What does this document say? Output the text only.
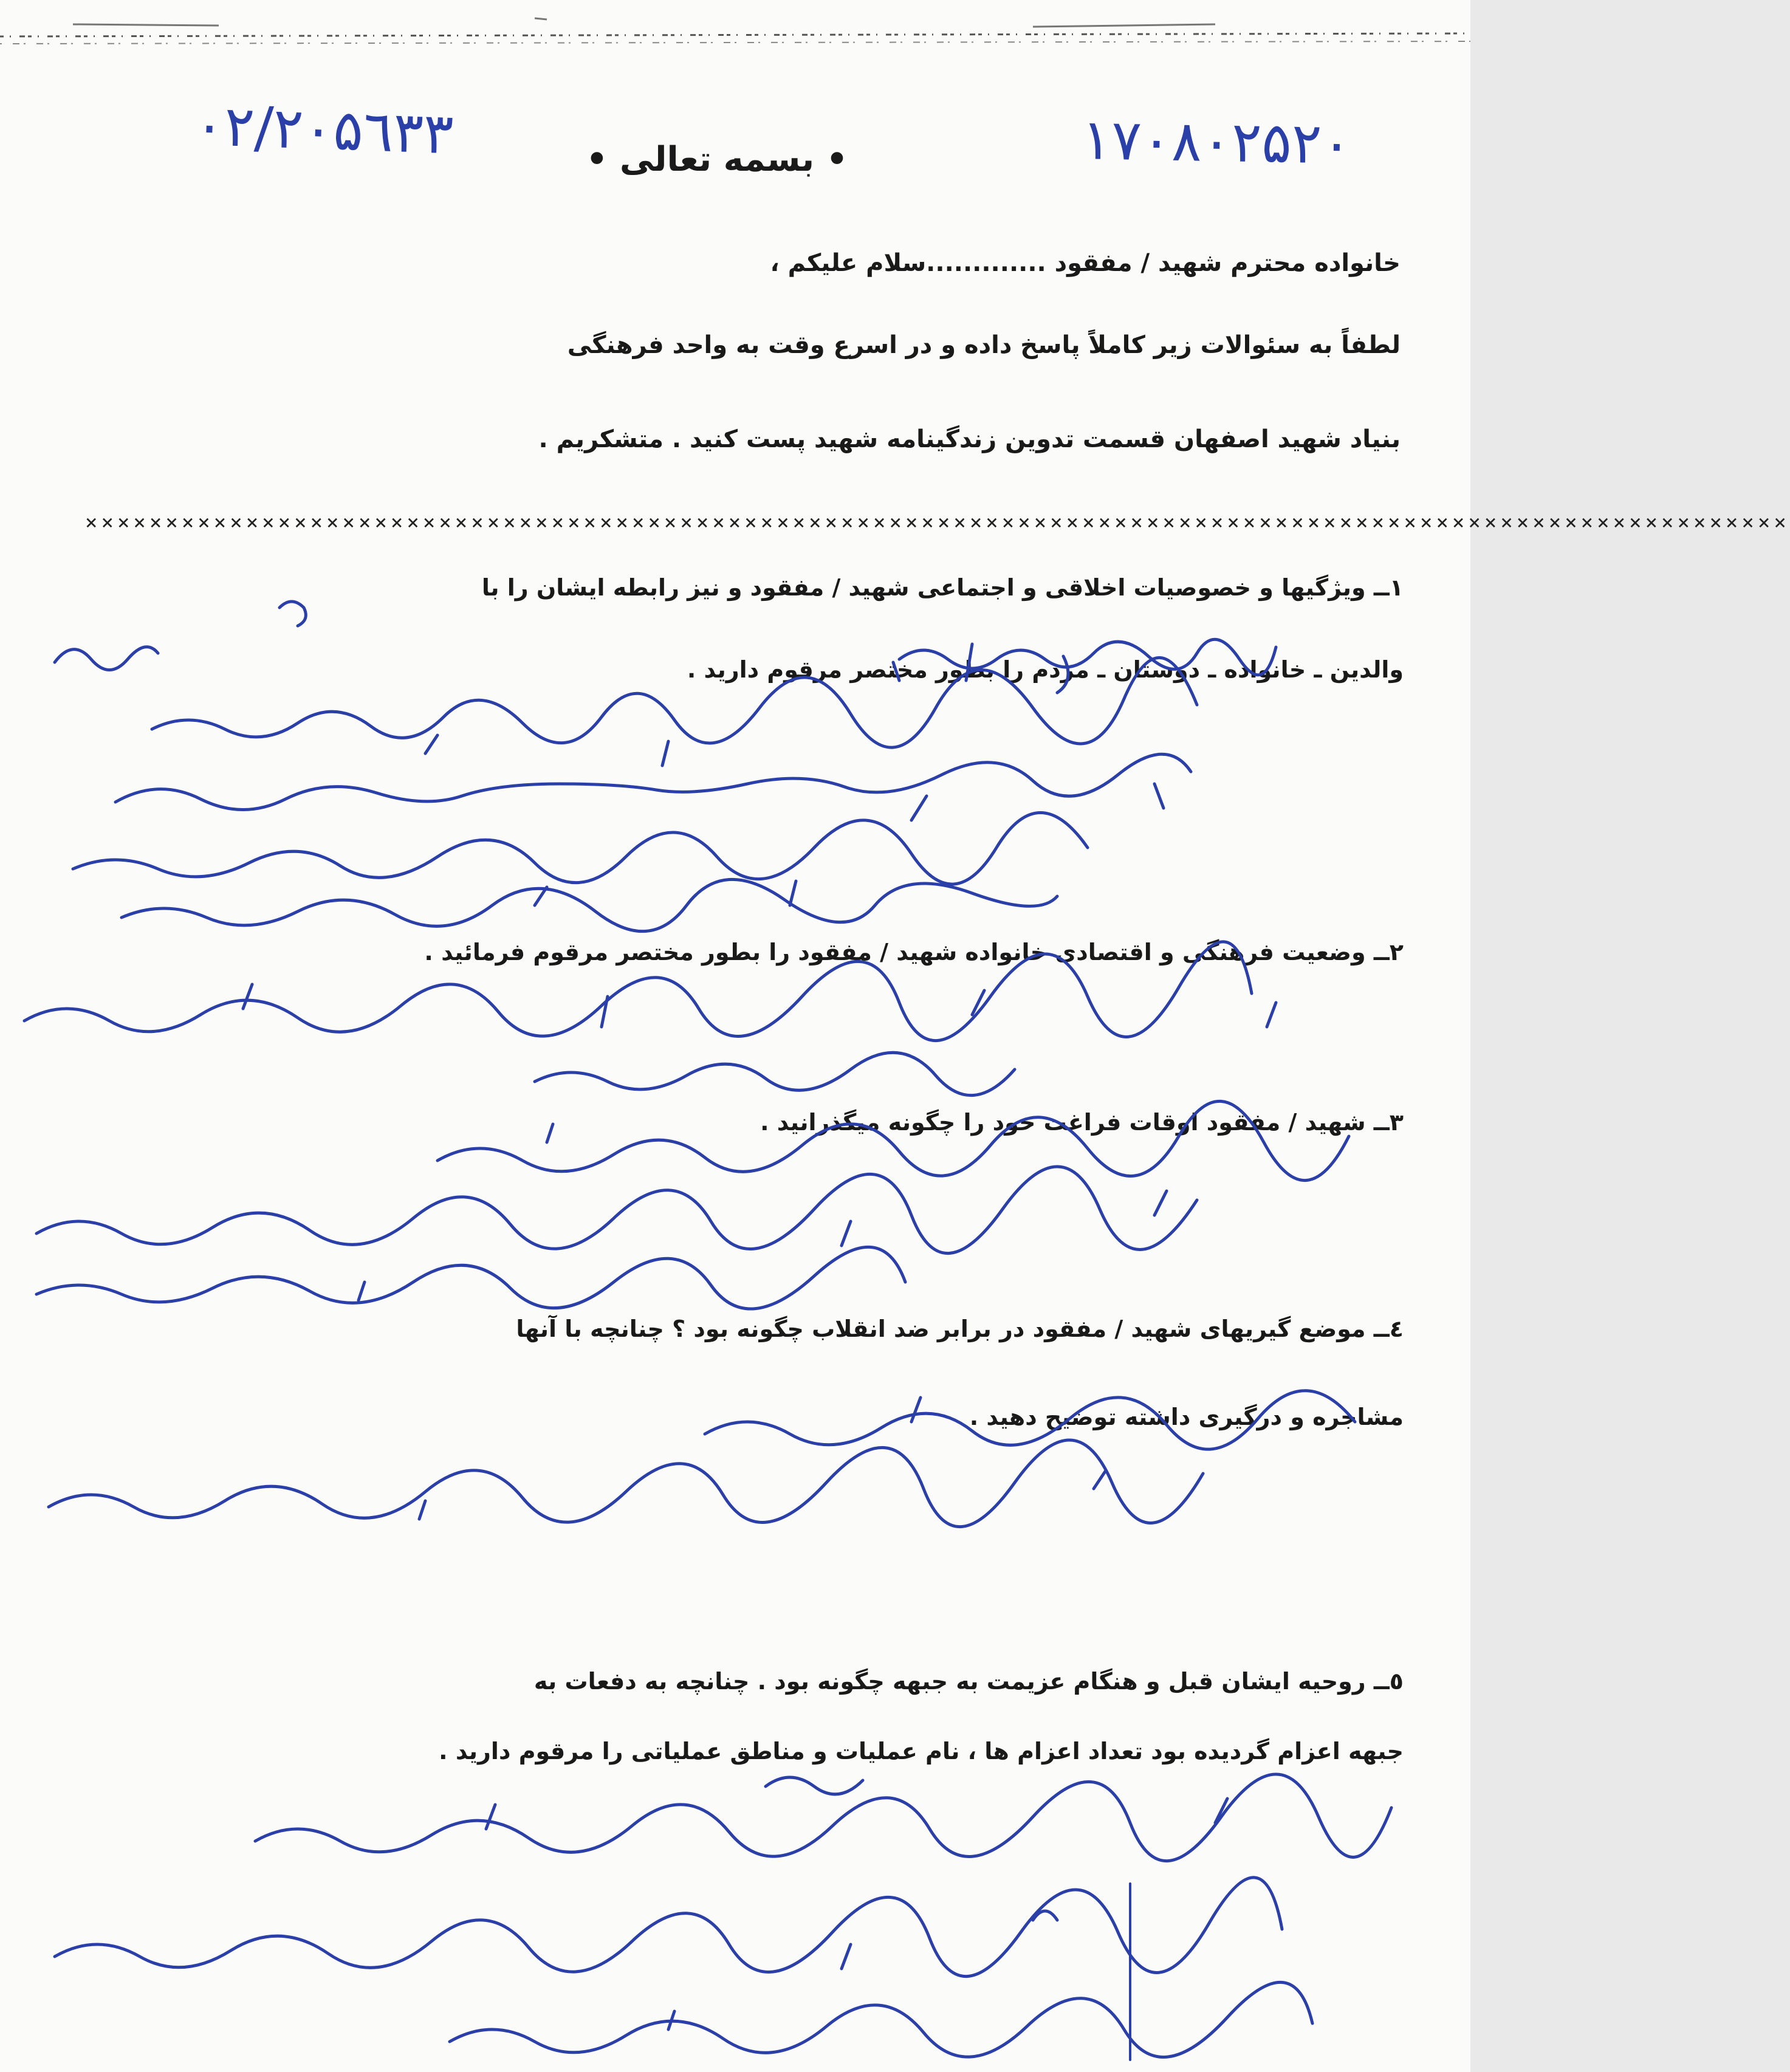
٠٢/٢٠۵٦٣٣	١٧٠٨٠٢۵٢٠
• بسمه تعالی •
خانواده محترم شهید / مفقود .............سلام علیکم ،
لطفاً به سئوالات زیر کاملاً پاسخ داده و در اسرع وقت به واحد فرهنگی
بنیاد شهید اصفهان قسمت تدوین زندگینامه شهید پست کنید . متشکریم .
××××××××××××××××××××××××××××××××××××××××××××××××××××××××××××××××××××××××××××××××××××××××××××××××××××××××××
١ــ ویژگیها و خصوصیات اخلاقی و اجتماعی شهید / مفقود و نیز رابطه ایشان را با
والدین ـ خانواده ـ دوستان ـ مردم را بطور مختصر مرقوم دارید .
٢ــ وضعیت فرهنگی و اقتصادی خانواده شهید / مفقود را بطور مختصر مرقوم فرمائید .
٣ــ شهید / مفقود اوقات فراغت خود را چگونه میگذرانید .
٤ــ موضع گیریهای شهید / مفقود در برابر ضد انقلاب چگونه بود ؟ چنانچه با آنها
مشاجره و درگیری داشته توضیح دهید .
٥ــ روحیه ایشان قبل و هنگام عزیمت به جبهه چگونه بود . چنانچه به دفعات به
جبهه اعزام گردیده بود تعداد اعزام ها ، نام عملیات و مناطق عملیاتی را مرقوم دارید .
